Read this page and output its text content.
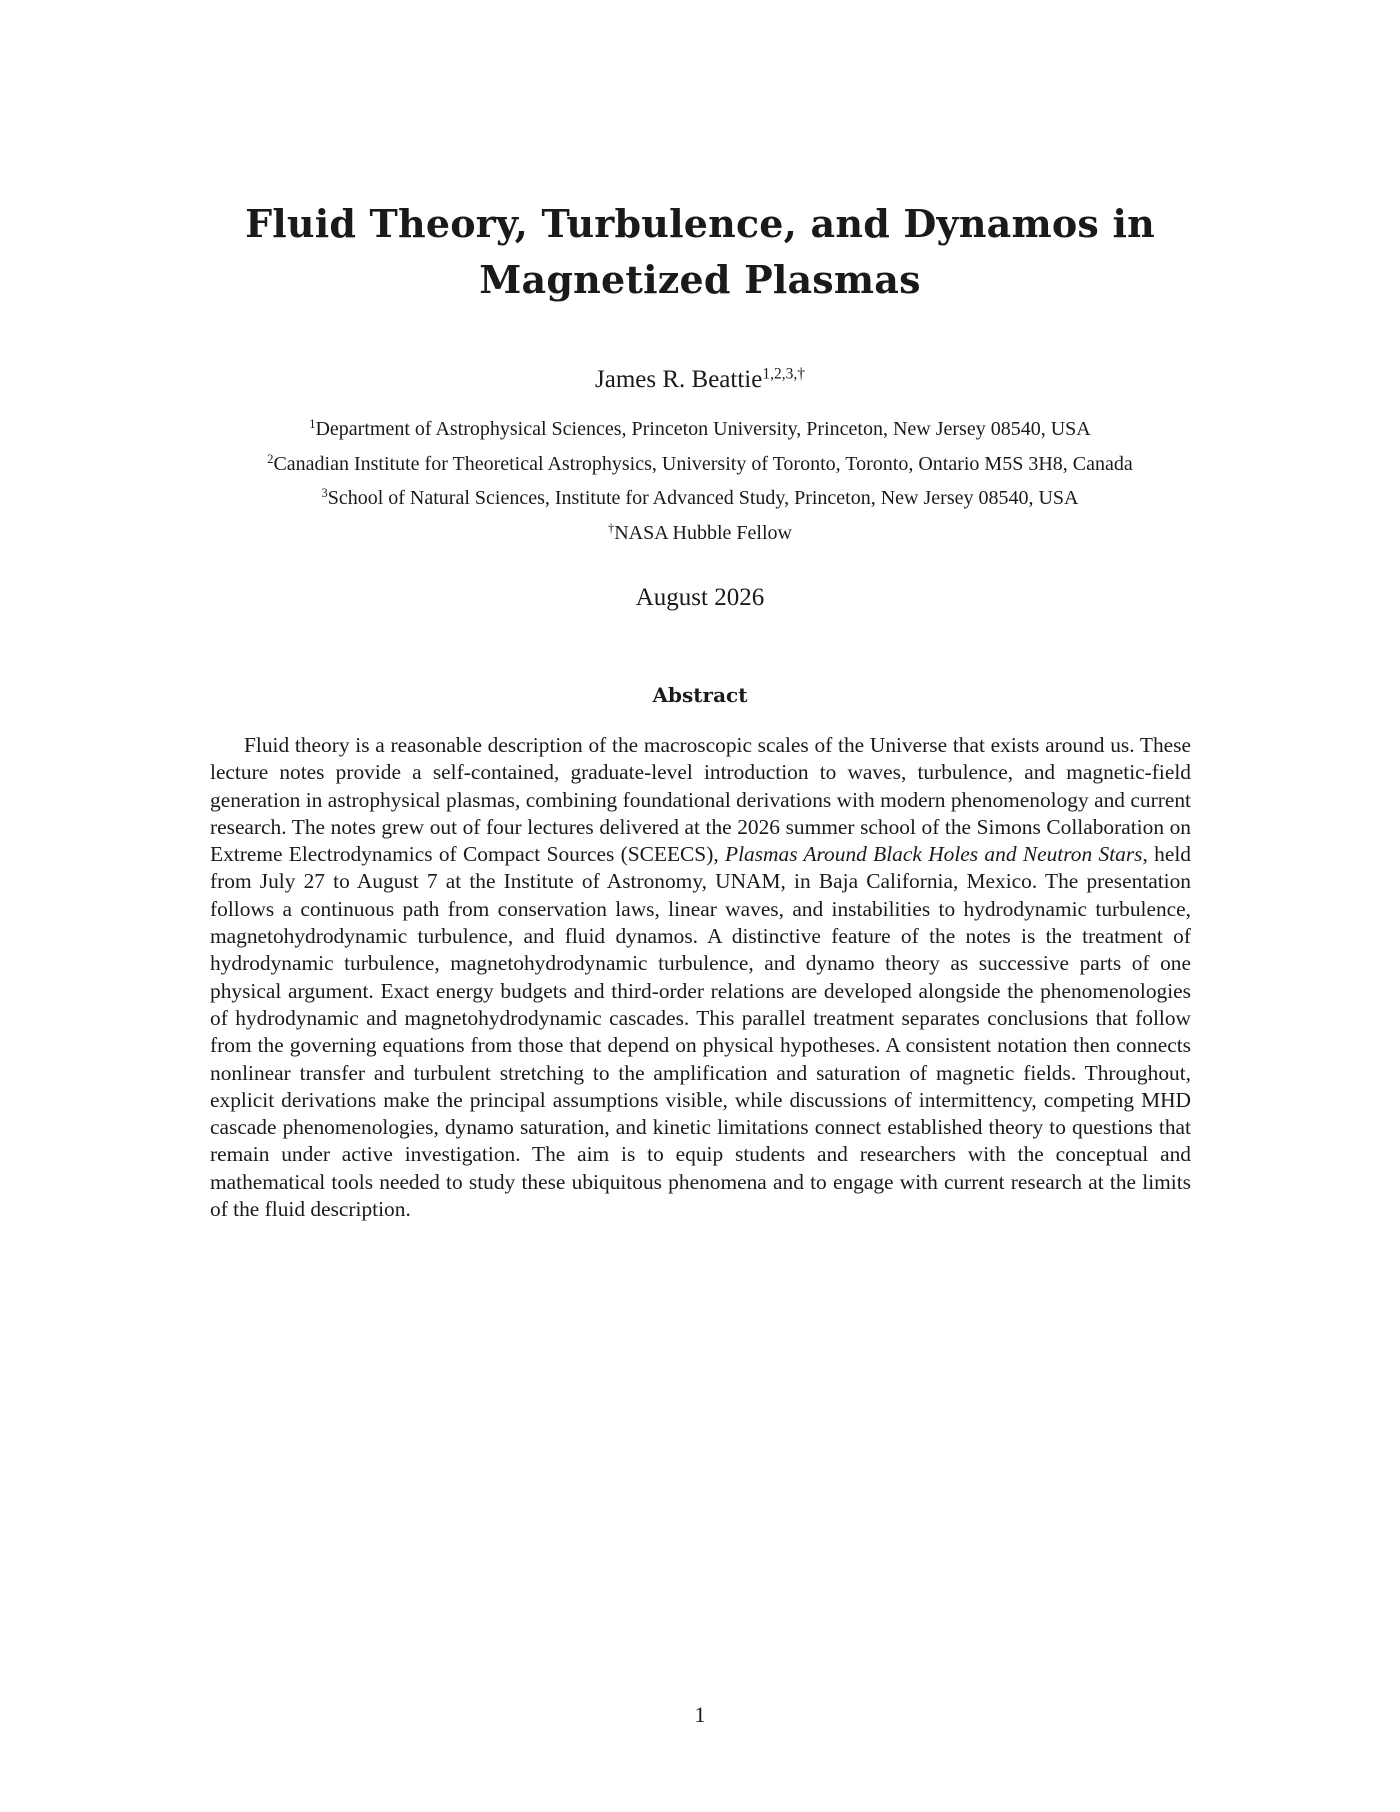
Fluid Theory, Turbulence, and Dynamos in Magnetized Plasmas
James R. Beattie$^{1,2,3,\dagger}$
$^1$Department of Astrophysical Sciences, Princeton University, Princeton, New Jersey 08540, USA
$^2$Canadian Institute for Theoretical Astrophysics, University of Toronto, Toronto, Ontario M5S 3H8, Canada
$^3$School of Natural Sciences, Institute for Advanced Study, Princeton, New Jersey 08540, USA
†NASA Hubble Fellow
August 2026
Abstract

Fluid theory is a reasonable description of the macroscopic scales of the Universe that exists around us. These lecture notes provide a self-contained, graduate-level introduction to waves, turbulence, and magnetic-field generation in astrophysical plasmas, combining foundational derivations with modern phenomenology and current research. The notes grew out of four lectures delivered at the 2026 summer school of the Simons Collaboration on Extreme Electrodynamics of Compact Sources (SCEECS), Plasmas Around Black Holes and Neutron Stars, held from July 27 to August 7 at the Institute of Astronomy, UNAM, in Baja California, Mexico. The presentation follows a continuous path from conservation laws, linear waves, and instabilities to hydrodynamic turbulence, magnetohydrodynamic turbulence, and fluid dynamos. A distinctive feature of the notes is the treatment of hydrodynamic turbulence, magnetohydrodynamic turbulence, and dynamo theory as successive parts of one physical argument. Exact energy budgets and third-order relations are developed alongside the phenomenologies of hydrodynamic and magnetohydrodynamic cascades. This parallel treatment separates conclusions that follow from the governing equations from those that depend on physical hypotheses. A consistent notation then connects nonlinear transfer and turbulent stretching to the amplification and saturation of magnetic fields. Throughout, explicit derivations make the principal assumptions visible, while discussions of intermittency, competing MHD cascade phenomenologies, dynamo saturation, and kinetic limitations connect established theory to questions that remain under active investigation. The aim is to equip students and researchers with the conceptual and mathematical tools needed to study these ubiquitous phenomena and to engage with current research at the limits of the fluid description.

1
